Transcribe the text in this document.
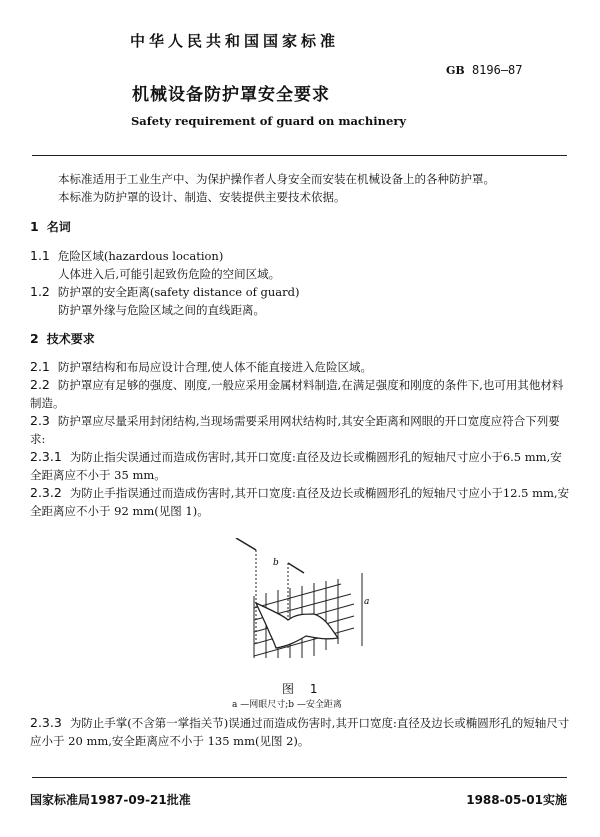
中华人民共和国国家标准
GB 8196—87
机械设备防护罩安全要求
Safety requirement of guard on machinery
本标准适用于工业生产中、为保护操作者人身安全而安装在机械设备上的各种防护罩。
本标准为防护罩的设计、制造、安装提供主要技术依据。
1 名词
1.1 危险区域(hazardous location)
人体进入后,可能引起致伤危险的空间区域。
1.2 防护罩的安全距离(safety distance of guard)
防护罩外缘与危险区域之间的直线距离。
2 技术要求
2.1 防护罩结构和布局应设计合理,使人体不能直接进入危险区域。
2.2 防护罩应有足够的强度、刚度,一般应采用金属材料制造,在满足强度和刚度的条件下,也可用其他材料制造。
2.3 防护罩应尽量采用封闭结构,当现场需要采用网状结构时,其安全距离和网眼的开口宽度应符合下列要求:
2.3.1 为防止指尖误通过而造成伤害时,其开口宽度:直径及边长或椭圆形孔的短轴尺寸应小于6.5 mm,安全距离应不小于 35 mm。
2.3.2 为防止手指误通过而造成伤害时,其开口宽度:直径及边长或椭圆形孔的短轴尺寸应小于12.5 mm,安全距离应不小于 92 mm(见图 1)。
b
a
图 1
a —网眼尺寸;b —安全距离
2.3.3 为防止手掌(不含第一掌指关节)误通过而造成伤害时,其开口宽度:直径及边长或椭圆形孔的短轴尺寸应小于 20 mm,安全距离应不小于 135 mm(见图 2)。
国家标准局1987-09-21批准	1988-05-01实施
